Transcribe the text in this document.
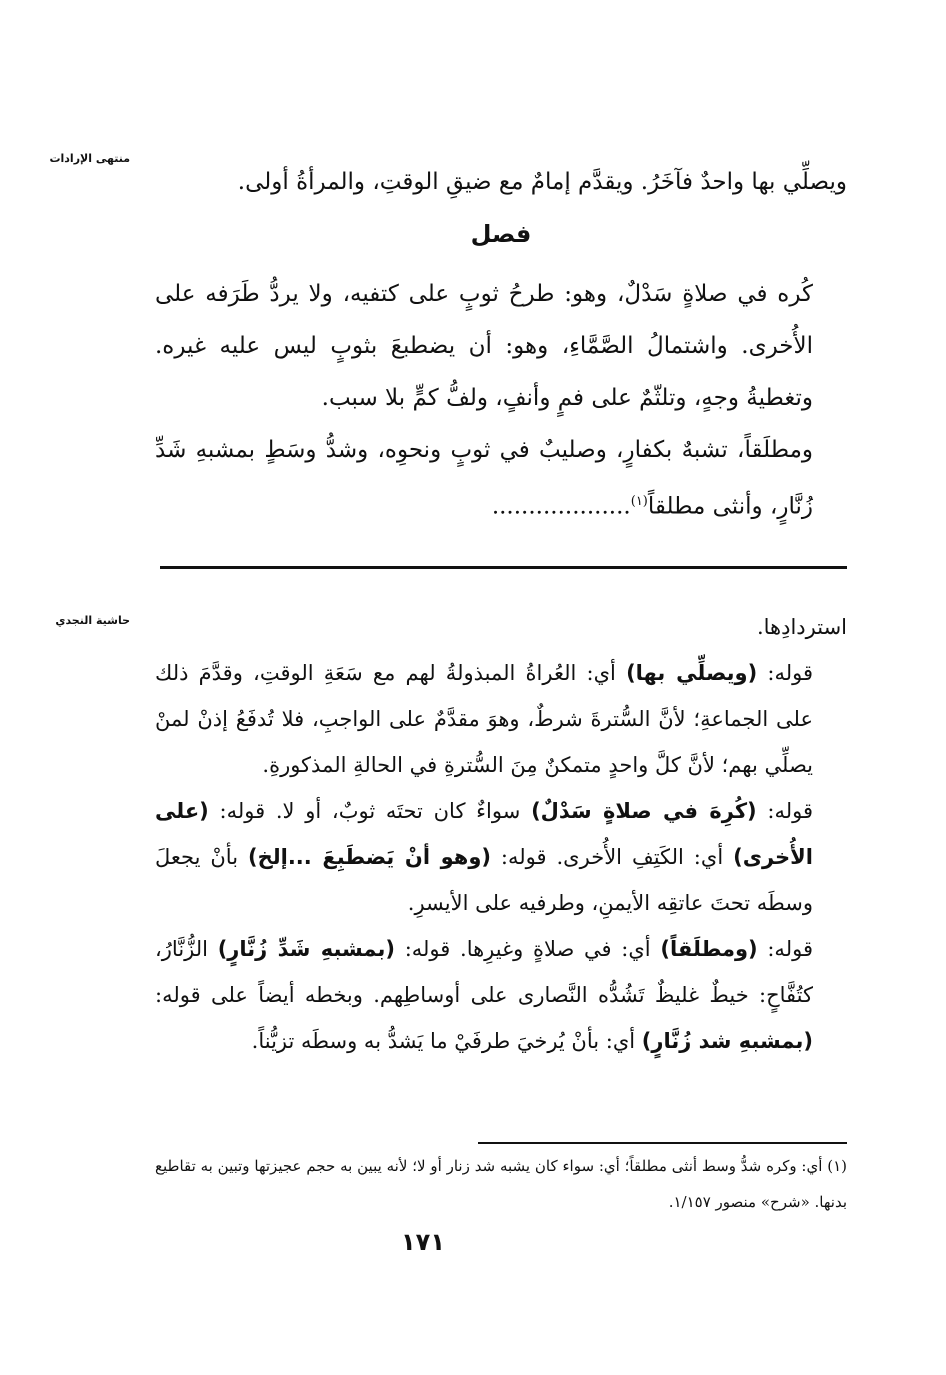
منتهى الإرادات

ويصلِّي بها واحدٌ فآخَرُ. ويقدَّم إمامٌ مع ضيقِ الوقتِ، والمرأةُ أولى.

فصل

كُره في صلاةٍ سَدْلٌ، وهو: طرحُ ثوبٍ على كتفيه، ولا يردُّ طَرَفه على الأُخرى. واشتمالُ الصَّمَّاءِ، وهو: أن يضطبعَ بثوبٍ ليس عليه غيره. وتغطيةُ وجهٍ، وتلثّمٌ على فمٍ وأنفٍ، ولفُّ كمٍّ بلا سبب.

ومطلَقاً، تشبهٌ بكفارٍ، وصليبٌ في ثوبٍ ونحوِه، وشدُّ وسَطٍ بمشبهِ شَدِّ زُنَّارٍ، وأنثى مطلقاً$^{(١)}$...................

حاشية النجدي	استردادِها.

قوله: (ويصلِّي بها) أي: العُراةُ المبذولةُ لهم مع سَعَةِ الوقتِ، وقدَّمَ ذلك على الجماعةِ؛ لأنَّ السُّترةَ شرطٌ، وهوَ مقدَّمٌ على الواجبِ، فلا تُدفَعُ إذنْ لمنْ يصلِّي بهم؛ لأنَّ كلَّ واحدٍ متمكنٌ مِنَ السُّترةِ في الحالةِ المذكورةِ.

قوله: (كُرِهَ في صلاةٍ سَدْلٌ) سواءٌ كان تحتَه ثوبٌ، أو لا. قوله: (على الأُخرى) أي: الكَتِفِ الأُخرى. قوله: (وهو أنْ يَضطَبِعَ ...إلخ) بأنْ يجعلَ وسطَه تحتَ عاتقِه الأيمنِ، وطرفيه على الأيسرِ.

قوله: (ومطلَقاً) أي: في صلاةٍ وغيرِها. قوله: (بمشبهِ شَدِّ زُنَّارٍ) الزُّنَّارُ، كتُفَّاحٍ: خيطٌ غليظٌ تَشُدُّه النَّصارى على أوساطِهم. وبخطه أيضاً على قوله: (بمشبهِ شد زُنَّارٍ) أي: بأنْ يُرخيَ طرفَيْ ما يَشدُّ به وسطَه تزيُّناً.

(١) أي: وكره شدُّ وسط أنثى مطلقاً؛ أي: سواء كان يشبه شد زنار أو لا؛ لأنه يبين به حجم عجيزتها وتبين به تقاطيع بدنها. «شرح» منصور ١/١٥٧.

١٧١
